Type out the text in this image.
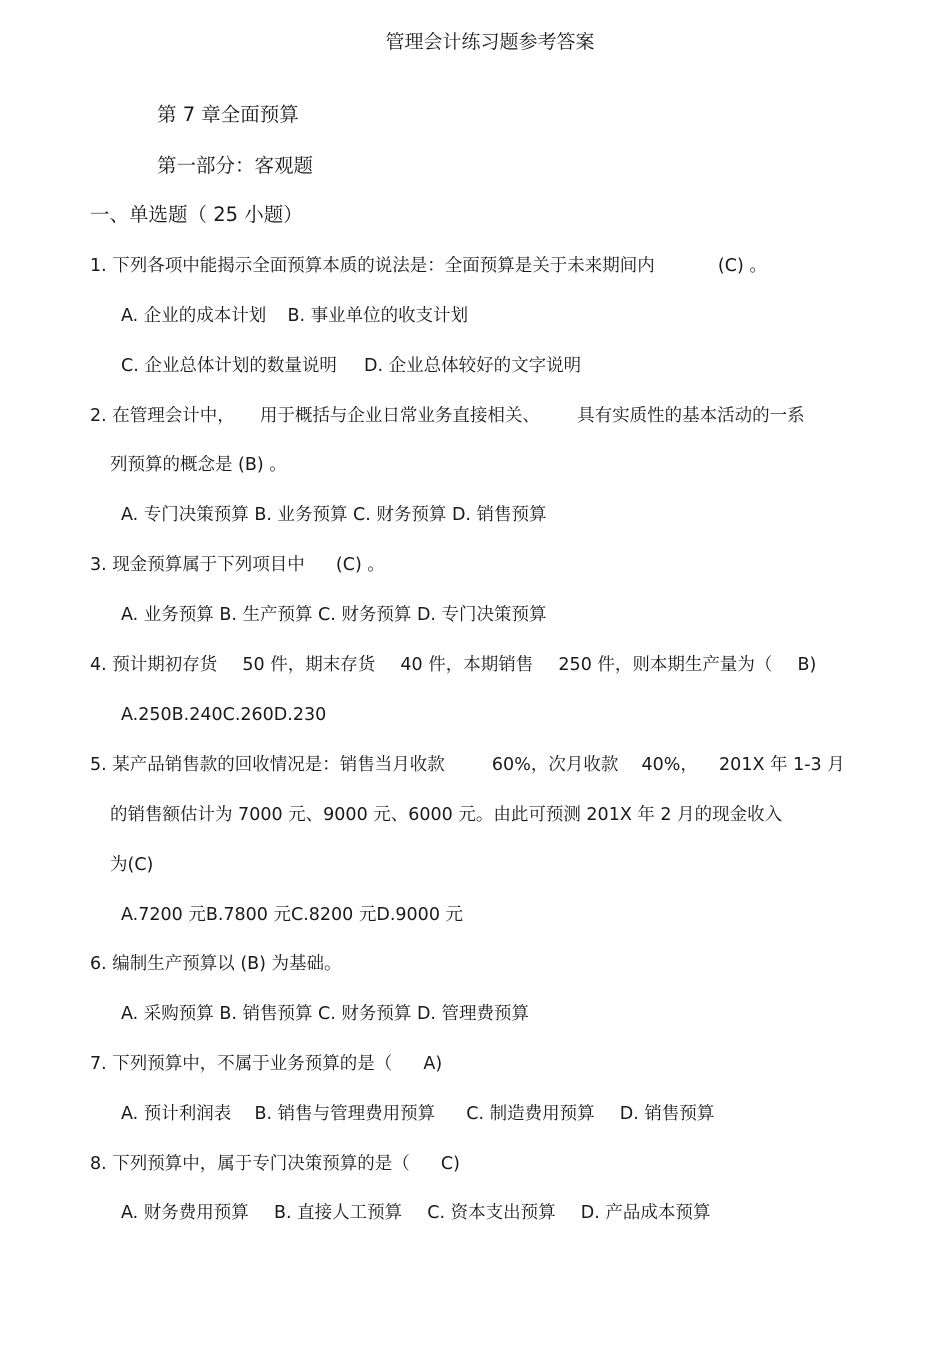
管理会计练习题参考答案
第 7 章全面预算
第一部分：客观题
一、单选题（ 25 小题）
1. 下列各项中能揭示全面预算本质的说法是：全面预算是关于未来期间内	(C) 。
A. 企业的成本计划 B. 事业单位的收支计划
C. 企业总体计划的数量说明 D. 企业总体较好的文字说明
2. 在管理会计中， 用于概括与企业日常业务直接相关、 具有实质性的基本活动的一系
列预算的概念是 (B) 。
A. 专门决策预算 B. 业务预算 C. 财务预算 D. 销售预算
3. 现金预算属于下列项目中 (C) 。
A. 业务预算 B. 生产预算 C. 财务预算 D. 专门决策预算
4. 预计期初存货 50 件，期末存货 40 件，本期销售 250 件，则本期生产量为（ B)
A.250B.240C.260D.230
5. 某产品销售款的回收情况是：销售当月收款	60%，次月收款 40%， 201X 年 1-3 月
的销售额估计为 7000 元、9000 元、6000 元。由此可预测 201X 年 2 月的现金收入
为(C)
A.7200 元B.7800 元C.8200 元D.9000 元
6. 编制生产预算以 (B) 为基础。
A. 采购预算 B. 销售预算 C. 财务预算 D. 管理费预算
7. 下列预算中，不属于业务预算的是（ A)
A. 预计利润表 B. 销售与管理费用预算 C. 制造费用预算 D. 销售预算
8. 下列预算中，属于专门决策预算的是（ C)
A. 财务费用预算 B. 直接人工预算 C. 资本支出预算 D. 产品成本预算
